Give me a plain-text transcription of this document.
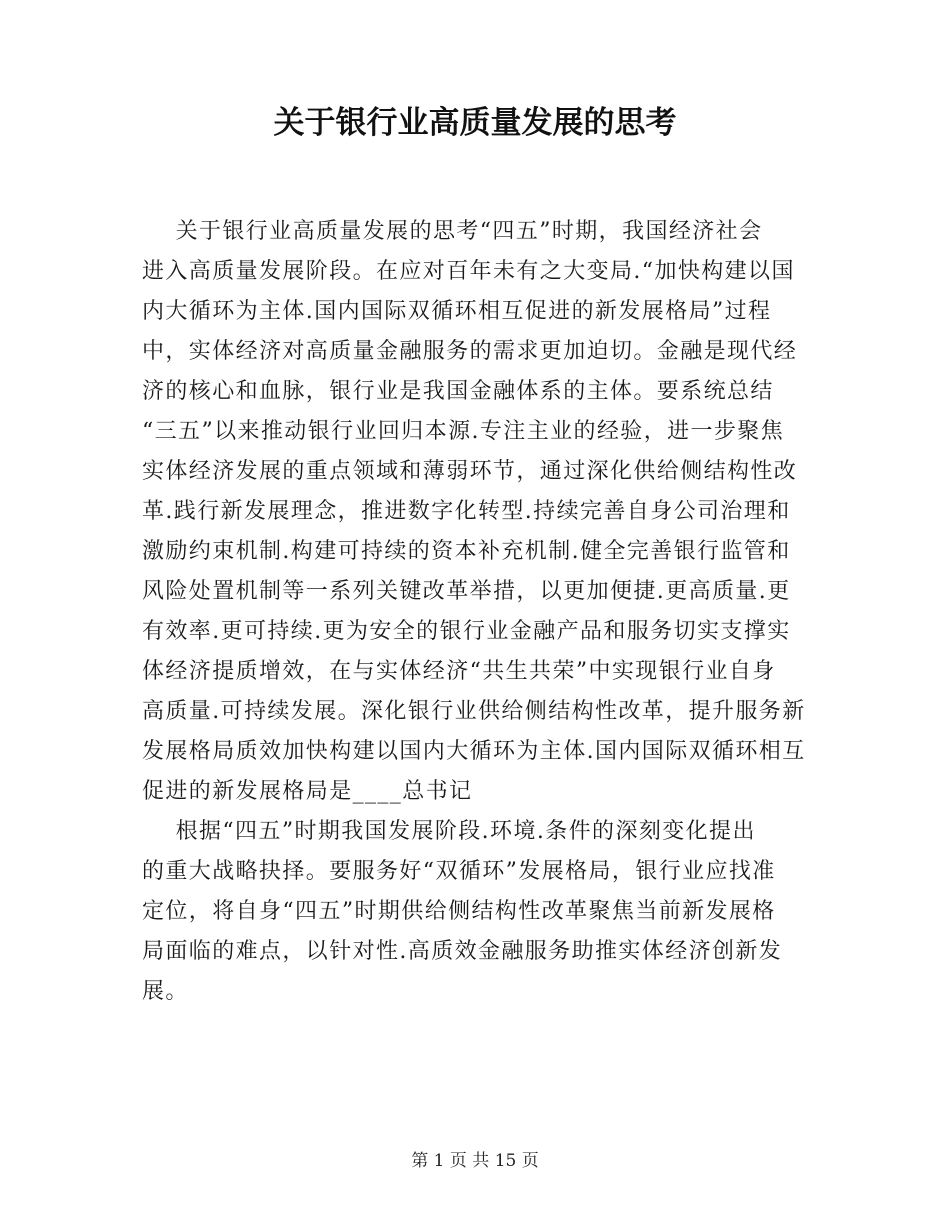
关于银行业高质量发展的思考
关于银行业高质量发展的思考“四五”时期，我国经济社会
进入高质量发展阶段。在应对百年未有之大变局.“加快构建以国
内大循环为主体.国内国际双循环相互促进的新发展格局”过程
中，实体经济对高质量金融服务的需求更加迫切。金融是现代经
济的核心和血脉，银行业是我国金融体系的主体。要系统总结
“三五”以来推动银行业回归本源.专注主业的经验，进一步聚焦
实体经济发展的重点领域和薄弱环节，通过深化供给侧结构性改
革.践行新发展理念，推进数字化转型.持续完善自身公司治理和
激励约束机制.构建可持续的资本补充机制.健全完善银行监管和
风险处置机制等一系列关键改革举措，以更加便捷.更高质量.更
有效率.更可持续.更为安全的银行业金融产品和服务切实支撑实
体经济提质增效，在与实体经济“共生共荣”中实现银行业自身
高质量.可持续发展。深化银行业供给侧结构性改革，提升服务新
发展格局质效加快构建以国内大循环为主体.国内国际双循环相互
促进的新发展格局是____总书记
根据“四五”时期我国发展阶段.环境.条件的深刻变化提出
的重大战略抉择。要服务好“双循环”发展格局，银行业应找准
定位，将自身“四五”时期供给侧结构性改革聚焦当前新发展格
局面临的难点，以针对性.高质效金融服务助推实体经济创新发
展。
第 1 页 共 15 页
